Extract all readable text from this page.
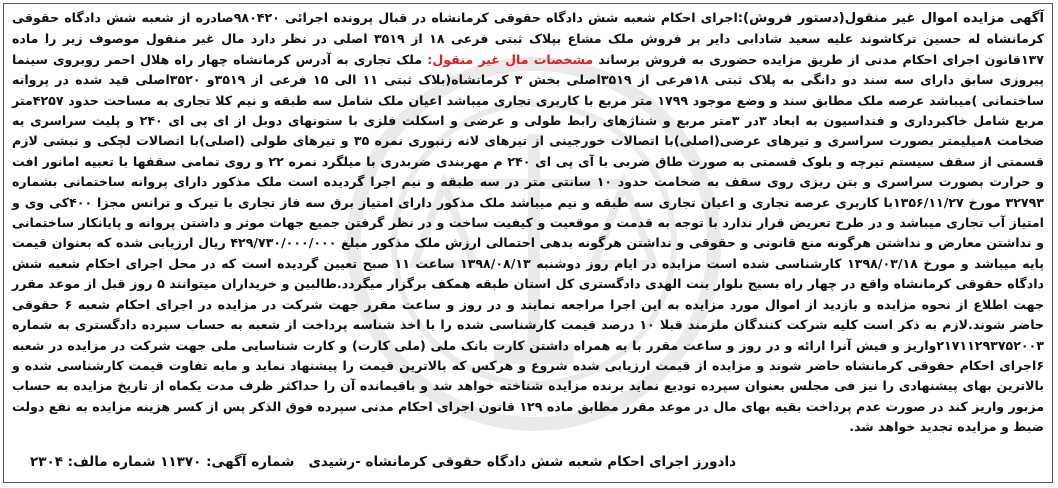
آگهی مزایده اموال غیر منقول(دستور فروش):اجرای احکام شعبه شش دادگاه حقوقی کرمانشاه در قبال پرونده اجرائی ۹۸۰۴۲۰صادره از شعبه شش دادگاه حقوقی کرمانشاه له حسین ترکاشوند علیه سعید شادابی دایر بر فروش ملک مشاع بپلاک ثبتی فرعی ۱۸ از ۳۵۱۹ اصلی در نظر دارد مال غیر منقول موصوف زیر را ماده ۱۳۷قانون اجرای احکام مدنی از طریق مزایده حضوری به فروش برساند مشخصات مال غیر منقول: ملک تجاری به آدرس کرمانشاه چهار راه هلال احمر روبروی سینما پیروزی سابق دارای سه سند دو دانگی به پلاک ثبتی ۱۸فرعی از ۳۵۱۹اصلی بخش ۳ کرمانشاه(بلاک ثبتی ۱۱ الی ۱۵ فرعی از ۳۵۱۹و ۳۵۲۰اصلی قید شده در پروانه ساختمانی )میباشد عرصه ملک مطابق سند و وضع موجود ۱۷۹۹ متر مربع با کاربری تجاری میباشد اعیان ملک شامل سه طبقه و نیم کلا تجاری به مساحت حدود ۴۲۵۷متر مربع شامل خاکبرداری و فنداسیون به ابعاد ۳در ۳متر مربع و شناژهای رابط طولی و عرضی و اسکلت فلزی با ستونهای دوبل از ای پی ای ۲۴۰ و پلیت سراسری به ضخامت ۸میلیمتر بصورت سراسری و تیرهای عرضی(اصلی)با اتصالات خورجینی از تیرهای لانه زنبوری نمره ۳۵ و تیرهای طولی (اصلی)با اتصالات لچکی و نبشی لازم قسمتی از سقف سیستم تیرچه و بلوک قسمتی به صورت طاق ضربی با آی پی ای ۲۴۰ م مهربندی ضربدری با میلگرد نمره ۲۲ و روی تمامی سقفها با تعبیه امانور افت و حرارت بصورت سراسری و بتن ریزی روی سقف به ضخامت حدود ۱۰ سانتی متر در سه طبقه و نیم اجرا گردیده است ملک مذکور دارای پروانه ساختمانی بشماره ۳۲۷۹۳ مورخ ۱۳۵۶/۱۱/۲۷با کاربری عرصه تجاری و اعیان تجاری سه طبقه و نیم میباشد ملک مذکور دارای امتیاز برق سه فاز تجاری با تیرک و ترانس مجزا ۴۰۰کی وی و امتیاز آب تجاری میباشد و در طرح تعریض قرار ندارد با توجه به قدمت و موقعیت و کیفیت ساخت و در نظر گرفتن جمیع جهات موثر و داشتن پروانه و پایانکار ساختمانی و نداشتن معارض و نداشتن هرگونه منع قانونی و حقوقی و نداشتن هرگونه بدهی احتمالی ارزش ملک مذکور مبلغ ۴۲۹/۷۳۰/۰۰۰/۰۰۰ ریال ارزیابی شده که بعنوان قیمت پایه میباشد و مورخ ۱۳۹۸/۰۳/۱۸ کارشناسی شده است مزایده در ایام روز دوشنبه ۱۳۹۸/۰۸/۱۳ ساعت ۱۱ صبح تعیین گردیده است که در محل اجرای احکام شعبه شش دادگاه حقوقی کرمانشاه واقع در چهار راه بسیج بلوار بنت الهدی دادگستری کل استان طبقه همکف برگزار میگردد.طالبین و خریداران میتوانند ۵ روز قبل از موعد مقرر جهت اطلاع از نحوه مزایده و بازدید از اموال مورد مزایده به این اجرا مراجعه نمایند و در روز و ساعت مقرر جهت شرکت در مزایده در اجرای احکام شعبه ۶ حقوقی حاضر شوند.لازم به ذکر است کلیه شرکت کنندگان ملزمند قبلا ۱۰ درصد قیمت کارشناسی شده را با اخذ شناسه پرداخت از شعبه به حساب سپرده دادگستری به شماره ۲۱۷۱۱۲۹۳۷۵۲۰۰۳واریز و فیش آنرا ارائه و در روز و ساعت مقرر با به همراه داشتن کارت بانک ملی (ملی کارت) و کارت شناسایی ملی جهت شرکت در مزایده در شعبه ۶اجرای احکام حقوقی کرمانشاه حاضر شوند و مزایده از قیمت ارزیابی شده شروع و هرکس که بالاترین قیمت را پیشنهاد نماید و مابه تفاوت قیمت کارشناسی شده و بالاترین بهای پیشنهادی را نیز فی مجلس بعنوان سپرده تودیع نماید برنده مزایده شناخته خواهد شد و باقیمانده آن را حداکثر ظرف مدت یکماه از تاریخ مزایده به حساب مزبور واریز کند در صورت عدم پرداخت بقیه بهای مال در موعد مقرر مطابق ماده ۱۲۹ قانون اجرای احکام مدنی سپرده فوق الذکر پس از کسر هزینه مزایده به نفع دولت ضبط و مزایده تجدید خواهد شد.
دادورز اجرای احکام شعبه شش دادگاه حقوقی کرمانشاه -رشیدی
شماره آگهی: ۱۱۳۷۰ شماره مالف: ۲۳۰۴
